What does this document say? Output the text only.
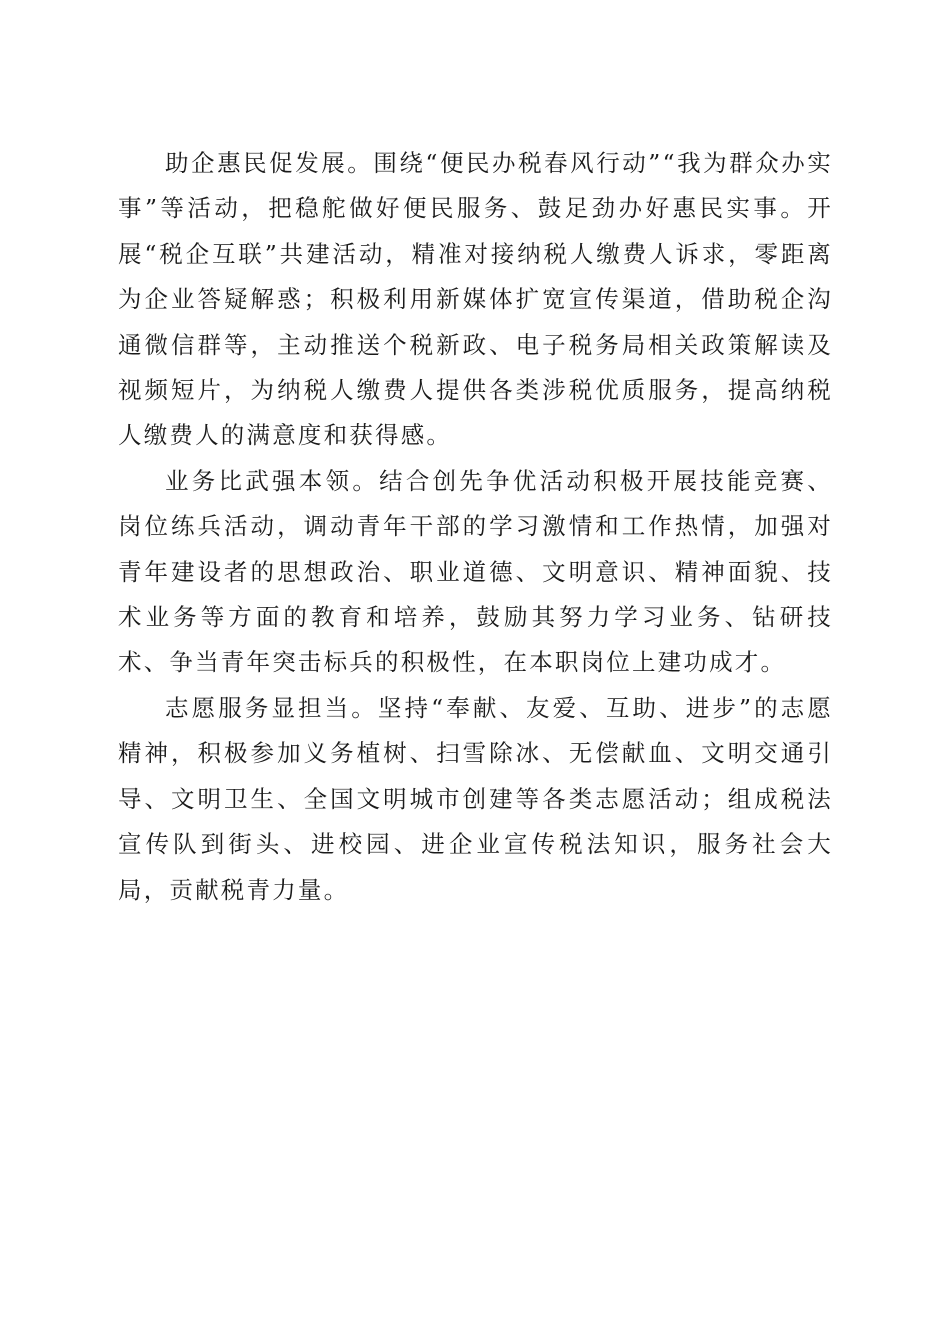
助企惠民促发展。围绕“便民办税春风行动”“我为群众办实事”等活动，把稳舵做好便民服务、鼓足劲办好惠民实事。开展“税企互联”共建活动，精准对接纳税人缴费人诉求，零距离为企业答疑解惑；积极利用新媒体扩宽宣传渠道，借助税企沟通微信群等，主动推送个税新政、电子税务局相关政策解读及视频短片，为纳税人缴费人提供各类涉税优质服务，提高纳税人缴费人的满意度和获得感。

业务比武强本领。结合创先争优活动积极开展技能竞赛、岗位练兵活动，调动青年干部的学习激情和工作热情，加强对青年建设者的思想政治、职业道德、文明意识、精神面貌、技术业务等方面的教育和培养，鼓励其努力学习业务、钻研技术、争当青年突击标兵的积极性，在本职岗位上建功成才。

志愿服务显担当。坚持“奉献、友爱、互助、进步”的志愿精神，积极参加义务植树、扫雪除冰、无偿献血、文明交通引导、文明卫生、全国文明城市创建等各类志愿活动；组成税法宣传队到街头、进校园、进企业宣传税法知识，服务社会大局，贡献税青力量。
